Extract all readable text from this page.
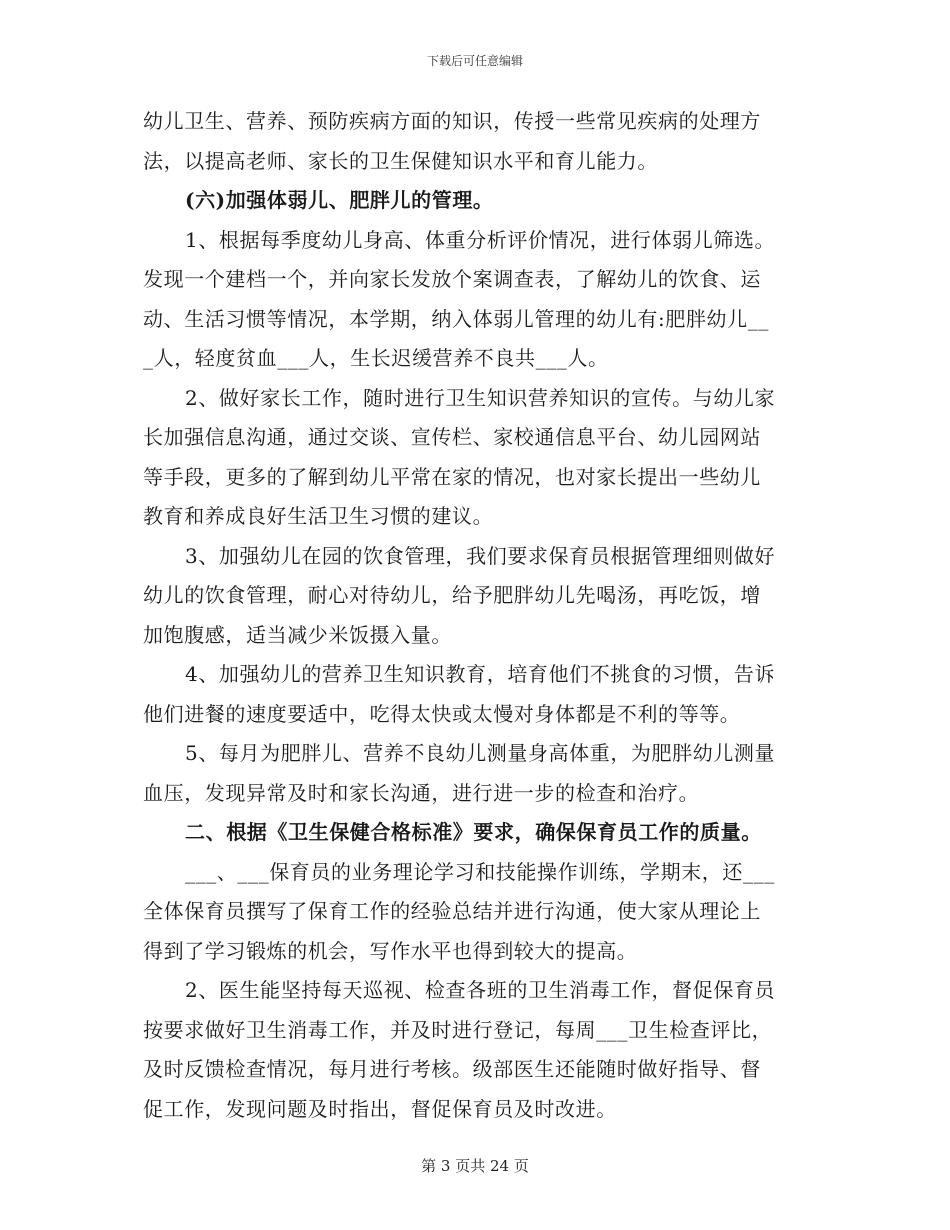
下载后可任意编辑

幼儿卫生、营养、预防疾病方面的知识，传授一些常见疾病的处理方

法，以提高老师、家长的卫生保健知识水平和育儿能力。

(六)加强体弱儿、肥胖儿的管理。

1、根据每季度幼儿身高、体重分析评价情况，进行体弱儿筛选。

发现一个建档一个，并向家长发放个案调查表，了解幼儿的饮食、运

动、生活习惯等情况，本学期，纳入体弱儿管理的幼儿有:肥胖幼儿__

_人，轻度贫血___人，生长迟缓营养不良共___人。

2、做好家长工作，随时进行卫生知识营养知识的宣传。与幼儿家

长加强信息沟通，通过交谈、宣传栏、家校通信息平台、幼儿园网站

等手段，更多的了解到幼儿平常在家的情况，也对家长提出一些幼儿

教育和养成良好生活卫生习惯的建议。

3、加强幼儿在园的饮食管理，我们要求保育员根据管理细则做好

幼儿的饮食管理，耐心对待幼儿，给予肥胖幼儿先喝汤，再吃饭，增

加饱腹感，适当减少米饭摄入量。

4、加强幼儿的营养卫生知识教育，培育他们不挑食的习惯，告诉

他们进餐的速度要适中，吃得太快或太慢对身体都是不利的等等。

5、每月为肥胖儿、营养不良幼儿测量身高体重，为肥胖幼儿测量

血压，发现异常及时和家长沟通，进行进一步的检查和治疗。

二、根据《卫生保健合格标准》要求，确保保育员工作的质量。

___、___保育员的业务理论学习和技能操作训练，学期末，还___

全体保育员撰写了保育工作的经验总结并进行沟通，使大家从理论上

得到了学习锻炼的机会，写作水平也得到较大的提高。

2、医生能坚持每天巡视、检查各班的卫生消毒工作，督促保育员

按要求做好卫生消毒工作，并及时进行登记，每周___卫生检查评比，

及时反馈检查情况，每月进行考核。级部医生还能随时做好指导、督

促工作，发现问题及时指出，督促保育员及时改进。

第 3 页共 24 页
